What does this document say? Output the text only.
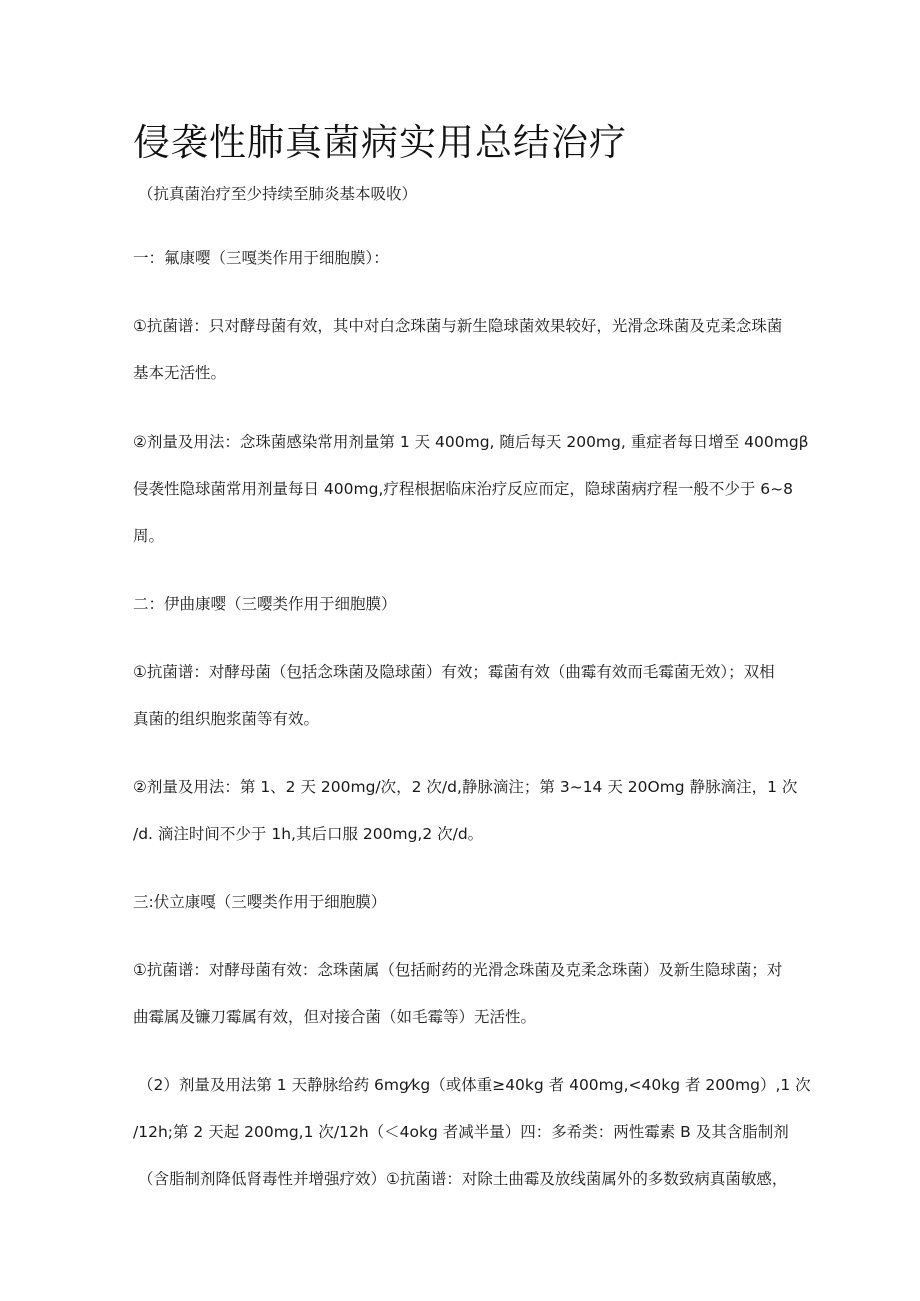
侵袭性肺真菌病实用总结治疗
（抗真菌治疗至少持续至肺炎基本吸收）
一：氟康嘤（三嘎类作用于细胞膜）：
①抗菌谱：只对酵母菌有效，其中对白念珠菌与新生隐球菌效果较好，光滑念珠菌及克柔念珠菌
基本无活性。
②剂量及用法：念珠菌感染常用剂量第 1 天 400mg, 随后每天 200mg, 重症者每日增至 400mgβ
侵袭性隐球菌常用剂量每日 400mg,疗程根据临床治疗反应而定，隐球菌病疗程一般不少于 6~8
周。
二：伊曲康嘤（三嘤类作用于细胞膜）
①抗菌谱：对酵母菌（包括念珠菌及隐球菌）有效；霉菌有效（曲霉有效而毛霉菌无效）；双相
真菌的组织胞浆菌等有效。
②剂量及用法：第 1、2 天 200mg/次，2 次/d,静脉滴注；第 3~14 天 20Omg 静脉滴注，1 次
/d. 滴注时间不少于 1h,其后口服 200mg,2 次/d。
三:伏立康嘎（三嘤类作用于细胞膜）
①抗菌谱：对酵母菌有效：念珠菌属（包括耐药的光滑念珠菌及克柔念珠菌）及新生隐球菌；对
曲霉属及镰刀霉属有效，但对接合菌（如毛霉等）无活性。
（2）剂量及用法第 1 天静脉给药 6mg⁄kg（或体重≥40kg 者 400mg,<40kg 者 200mg）,1 次
/12h;第 2 天起 200mg,1 次/12h（＜4okg 者减半量）四：多希类：两性霉素 B 及其含脂制剂
（含脂制剂降低肾毒性并增强疗效）①抗菌谱：对除土曲霉及放线菌属外的多数致病真菌敏感，
